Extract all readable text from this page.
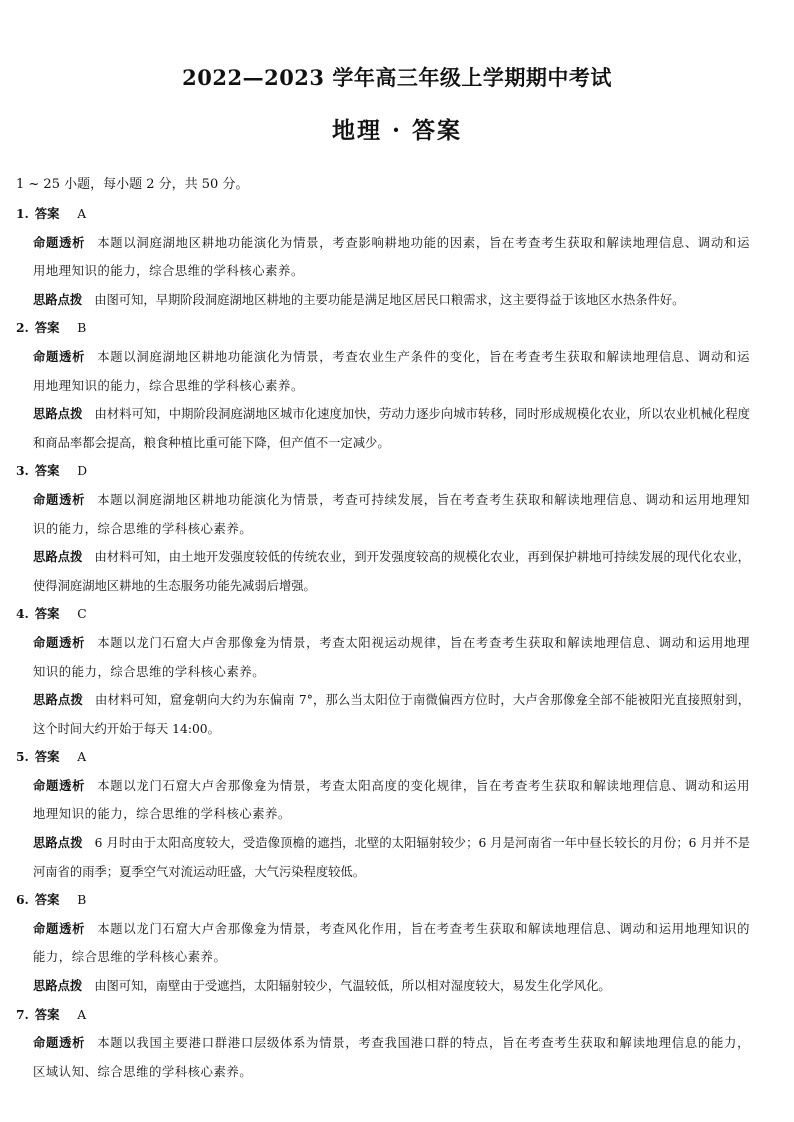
2022—2023 学年高三年级上学期期中考试
地理 · 答案
1 ~ 25 小题，每小题 2 分，共 50 分。

1. 答案 A

命题透析 本题以洞庭湖地区耕地功能演化为情景，考查影响耕地功能的因素，旨在考查考生获取和解读地理信息、调动和运用地理知识的能力，综合思维的学科核心素养。

思路点拨 由图可知，早期阶段洞庭湖地区耕地的主要功能是满足地区居民口粮需求，这主要得益于该地区水热条件好。

2. 答案 B

命题透析 本题以洞庭湖地区耕地功能演化为情景，考查农业生产条件的变化，旨在考查考生获取和解读地理信息、调动和运用地理知识的能力，综合思维的学科核心素养。

思路点拨 由材料可知，中期阶段洞庭湖地区城市化速度加快，劳动力逐步向城市转移，同时形成规模化农业，所以农业机械化程度和商品率都会提高，粮食种植比重可能下降，但产值不一定减少。

3. 答案 D

命题透析 本题以洞庭湖地区耕地功能演化为情景，考查可持续发展，旨在考查考生获取和解读地理信息、调动和运用地理知识的能力，综合思维的学科核心素养。

思路点拨 由材料可知，由土地开发强度较低的传统农业，到开发强度较高的规模化农业，再到保护耕地可持续发展的现代化农业，使得洞庭湖地区耕地的生态服务功能先减弱后增强。

4. 答案 C

命题透析 本题以龙门石窟大卢舍那像龛为情景，考查太阳视运动规律，旨在考查考生获取和解读地理信息、调动和运用地理知识的能力，综合思维的学科核心素养。

思路点拨 由材料可知，窟龛朝向大约为东偏南 7°，那么当太阳位于南微偏西方位时，大卢舍那像龛全部不能被阳光直接照射到，这个时间大约开始于每天 14:00。

5. 答案 A

命题透析 本题以龙门石窟大卢舍那像龛为情景，考查太阳高度的变化规律，旨在考查考生获取和解读地理信息、调动和运用地理知识的能力，综合思维的学科核心素养。

思路点拨 6 月时由于太阳高度较大，受造像顶檐的遮挡，北壁的太阳辐射较少；6 月是河南省一年中昼长较长的月份；6 月并不是河南省的雨季；夏季空气对流运动旺盛，大气污染程度较低。

6. 答案 B

命题透析 本题以龙门石窟大卢舍那像龛为情景，考查风化作用，旨在考查考生获取和解读地理信息、调动和运用地理知识的能力，综合思维的学科核心素养。

思路点拨 由图可知，南壁由于受遮挡，太阳辐射较少，气温较低，所以相对湿度较大，易发生化学风化。

7. 答案 A

命题透析 本题以我国主要港口群港口层级体系为情景，考查我国港口群的特点，旨在考查考生获取和解读地理信息的能力，区域认知、综合思维的学科核心素养。
